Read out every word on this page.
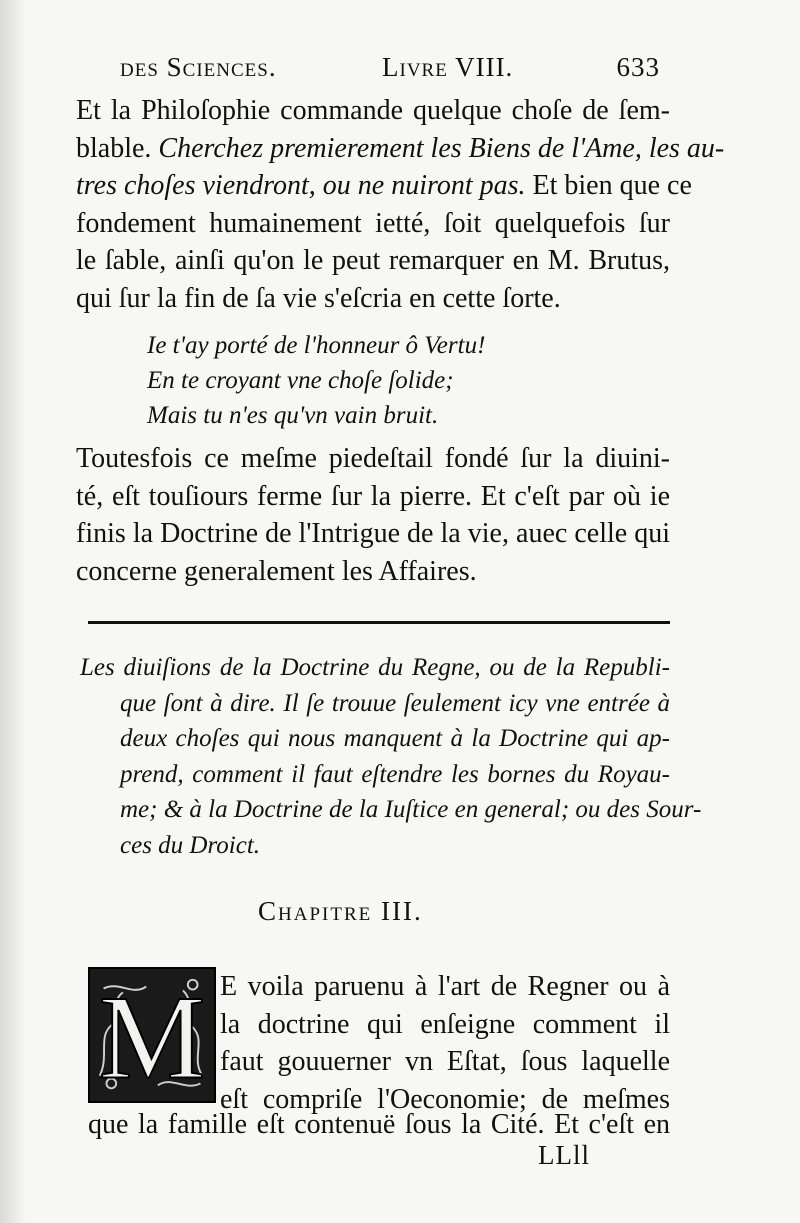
des Sciences.	Livre VIII.	633
Et la Philoſophie commande quelque choſe de ſem-
blable. Cherchez premierement les Biens de l'Ame, les au-
tres choſes viendront, ou ne nuiront pas. Et bien que ce
fondement humainement ietté, ſoit quelquefois ſur
le ſable, ainſi qu'on le peut remarquer en M. Brutus,
qui ſur la fin de ſa vie s'eſcria en cette ſorte.
Ie t'ay porté de l'honneur ô Vertu!
En te croyant vne choſe ſolide;
Mais tu n'es qu'vn vain bruit.
Toutesfois ce meſme piedeſtail fondé ſur la diuini-
té, eſt touſiours ferme ſur la pierre. Et c'eſt par où ie
finis la Doctrine de l'Intrigue de la vie, auec celle qui
concerne generalement les Affaires.
Les diuiſions de la Doctrine du Regne, ou de la Republi-
que ſont à dire. Il ſe trouue ſeulement icy vne entrée à
deux choſes qui nous manquent à la Doctrine qui ap-
prend, comment il faut eſtendre les bornes du Royau-
me; & à la Doctrine de la Iuſtice en general; ou des Sour-
ces du Droict.
Chapitre III.
M E voila paruenu à l'art de Regner ou à
la doctrine qui enſeigne comment il
faut gouuerner vn Eſtat, ſous laquelle
eſt compriſe l'Oeconomie; de meſmes
que la famille eſt contenuë ſous la Cité. Et c'eſt en
LLll
